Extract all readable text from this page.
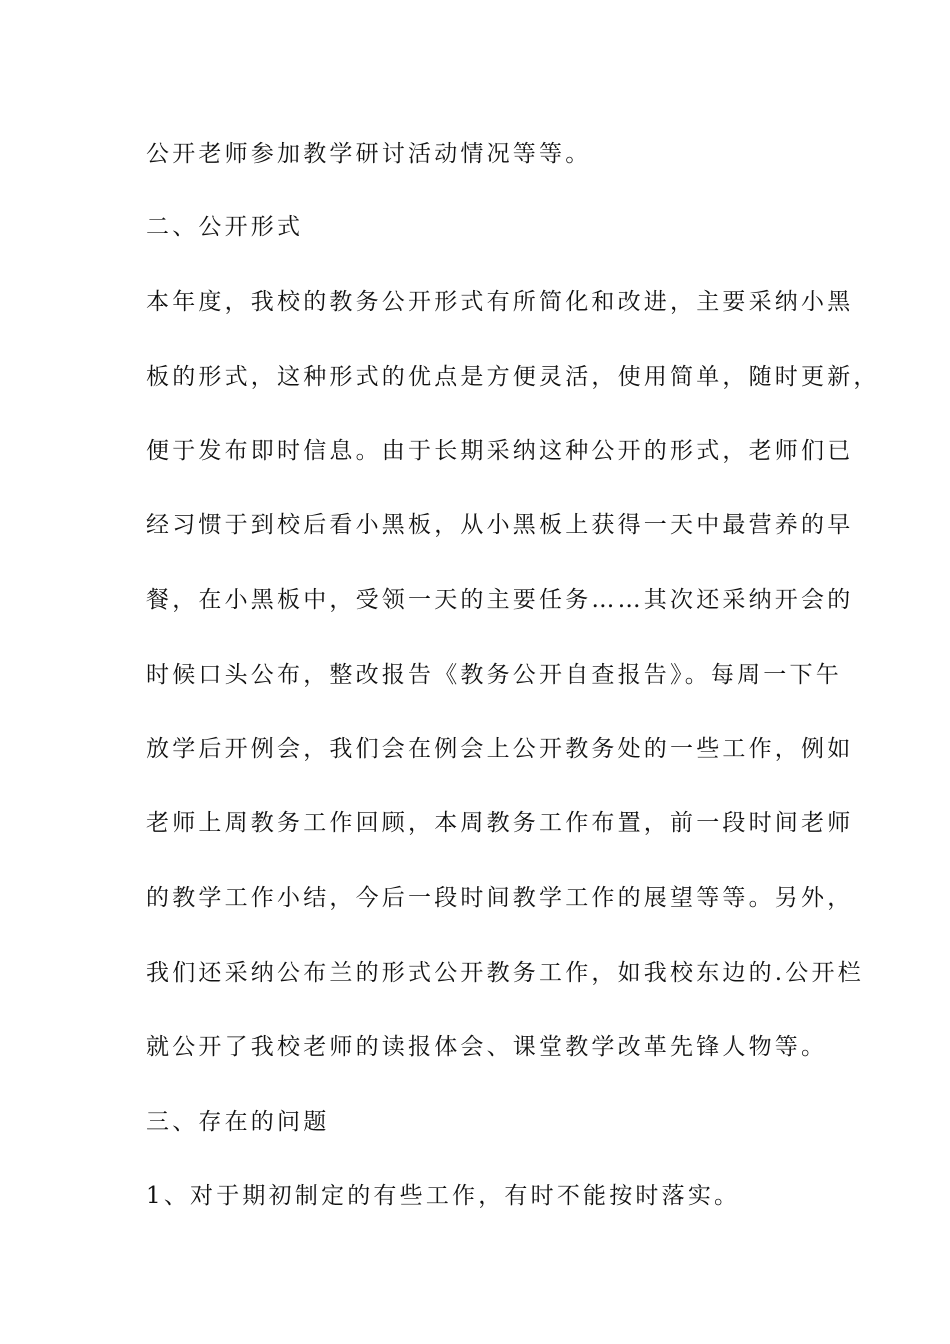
公开老师参加教学研讨活动情况等等。
二、公开形式
本年度，我校的教务公开形式有所简化和改进，主要采纳小黑
板的形式，这种形式的优点是方便灵活，使用简单，随时更新，
便于发布即时信息。由于长期采纳这种公开的形式，老师们已
经习惯于到校后看小黑板，从小黑板上获得一天中最营养的早
餐，在小黑板中，受领一天的主要任务……其次还采纳开会的
时候口头公布，整改报告《教务公开自查报告》。每周一下午
放学后开例会，我们会在例会上公开教务处的一些工作，例如
老师上周教务工作回顾，本周教务工作布置，前一段时间老师
的教学工作小结，今后一段时间教学工作的展望等等。另外，
我们还采纳公布兰的形式公开教务工作，如我校东边的.公开栏
就公开了我校老师的读报体会、课堂教学改革先锋人物等。
三、存在的问题
1、对于期初制定的有些工作，有时不能按时落实。
